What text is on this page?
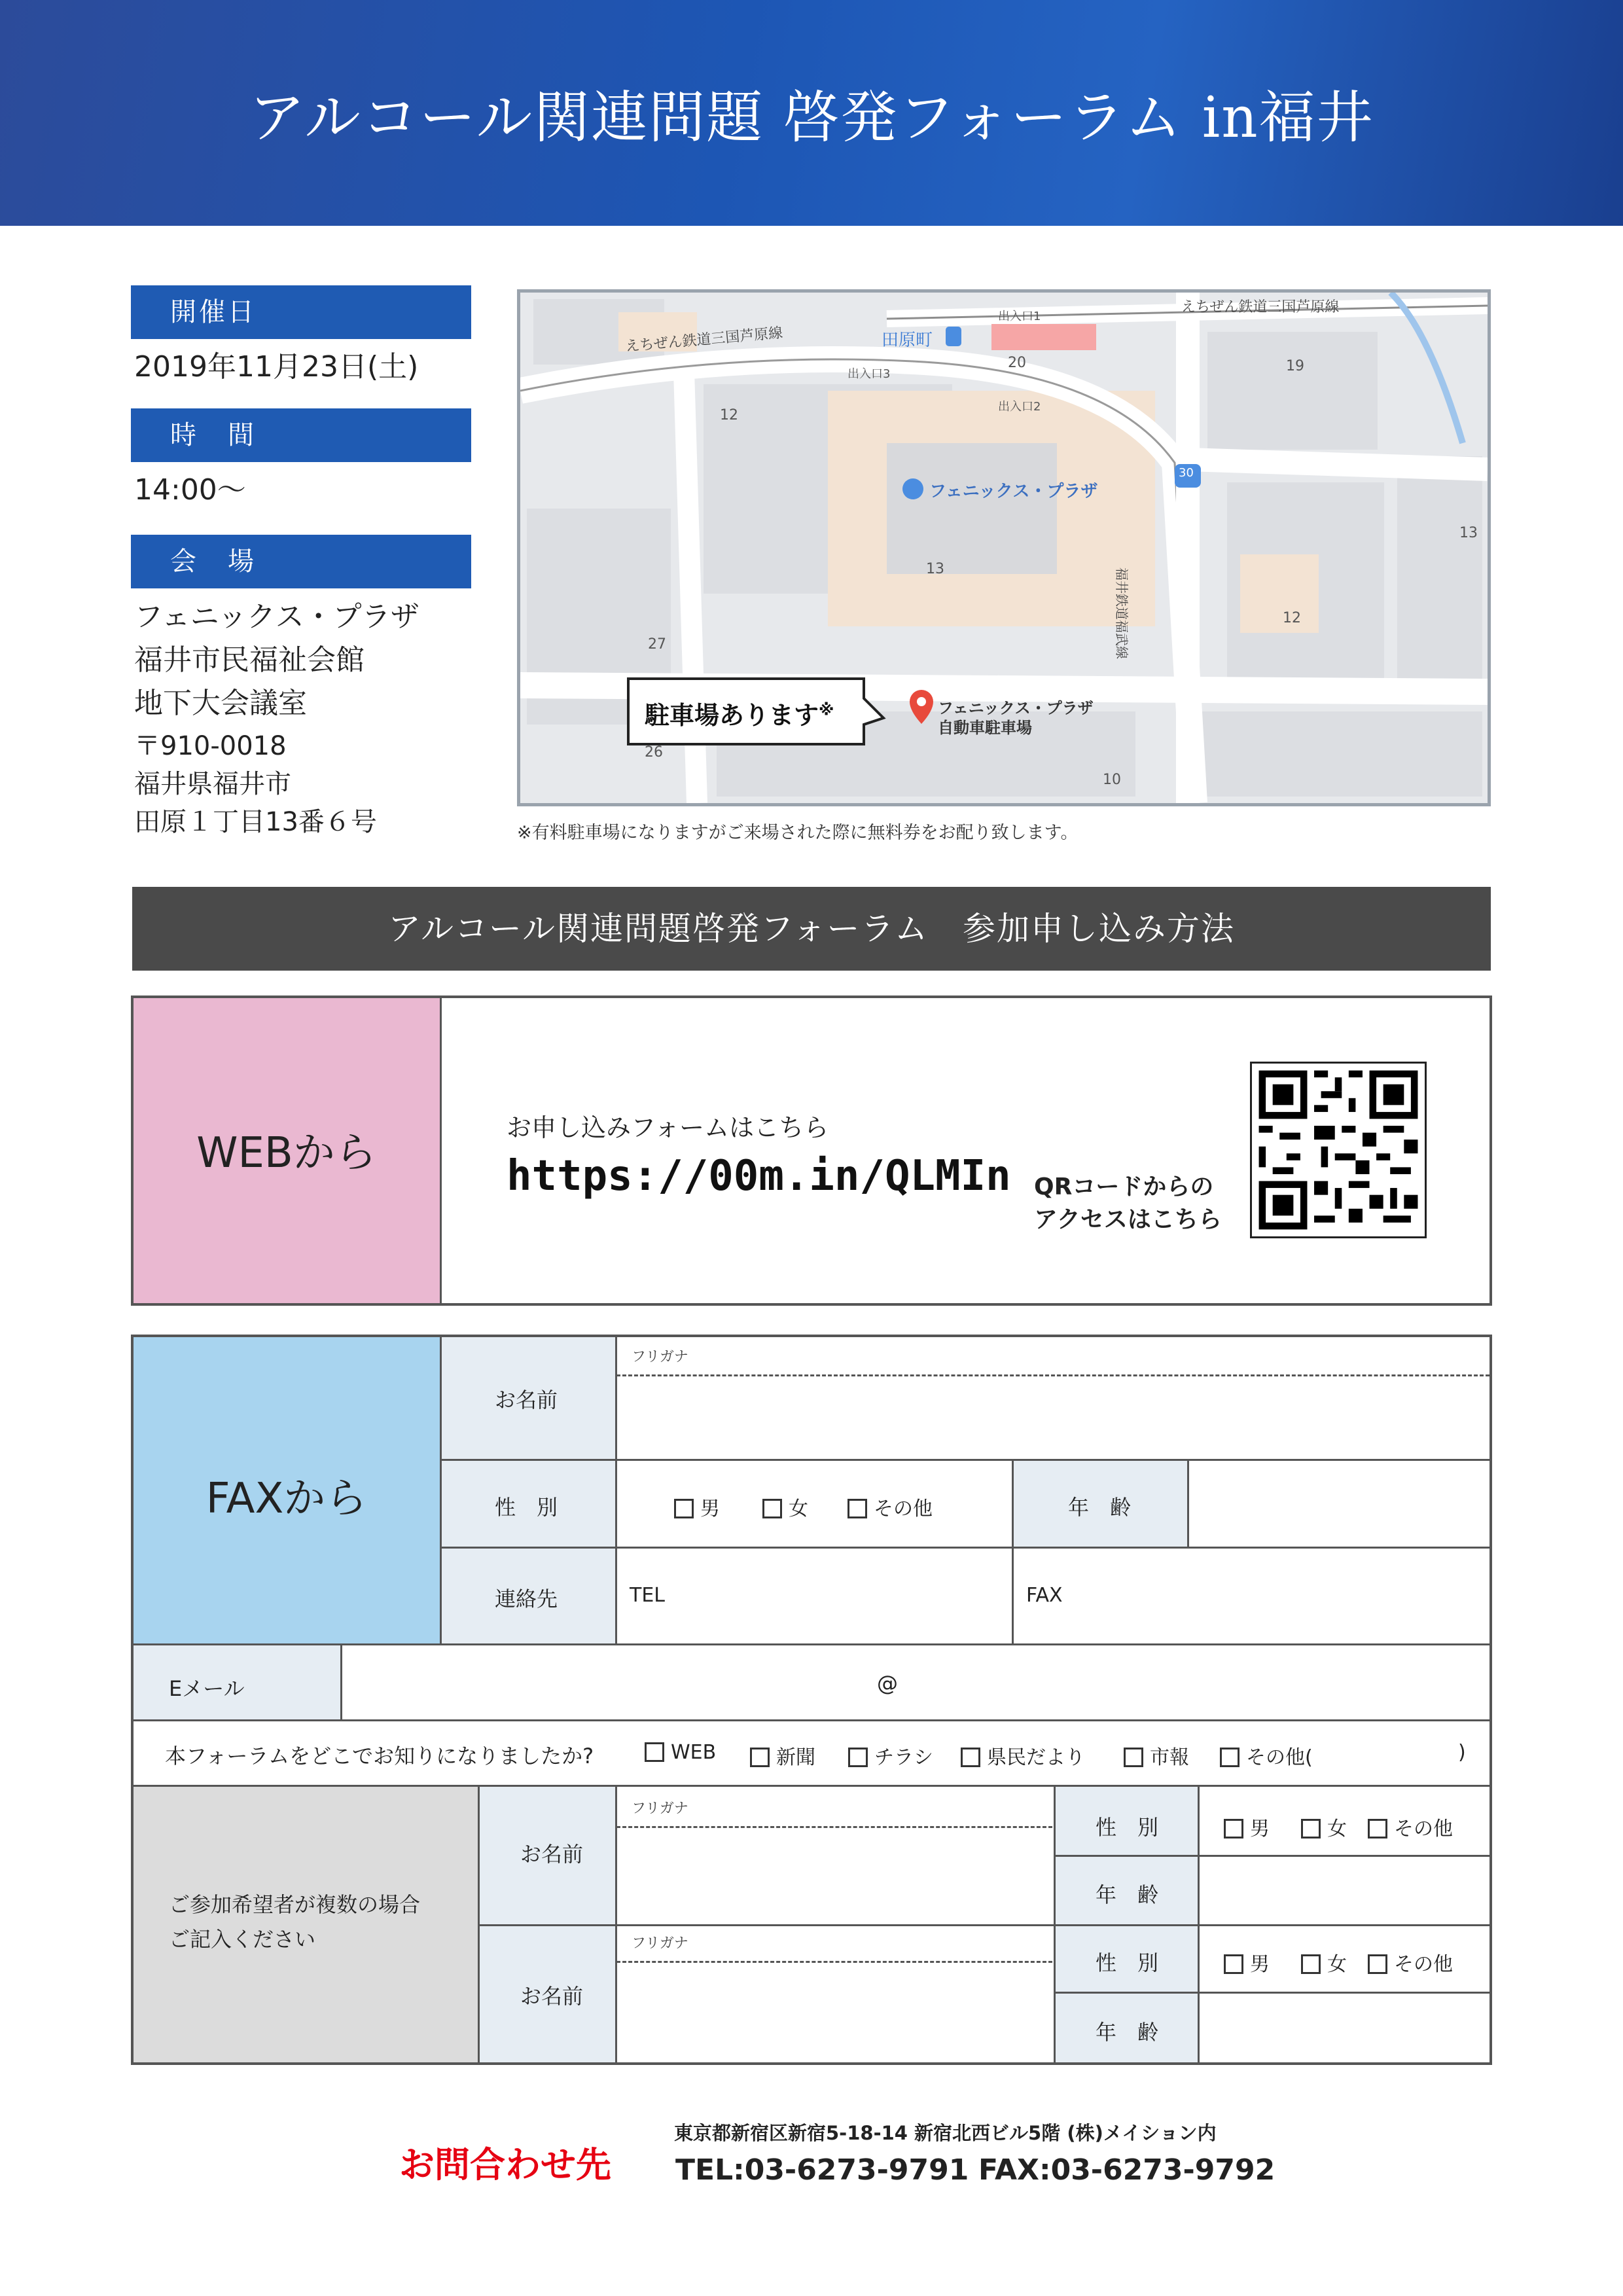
アルコール関連問題 啓発フォーラム in福井
開催日
2019年11月23日(土)
時　間
14:00～
会　場
フェニックス・プラザ
福井市民福祉会館
地下大会議室
〒910-0018
福井県福井市
田原１丁目13番６号
えちぜん鉄道三国芦原線
えちぜん鉄道三国芦原線
田原町
出入口1
出入口2
出入口3
福井鉄道福武線
30
フェニックス・プラザ
フェニックス・プラザ
自動車駐車場
駐車場あります※
12
13
20	19
13
12
27
26
10
※有料駐車場になりますがご来場された際に無料券をお配り致します。
アルコール関連問題啓発フォーラム　参加申し込み方法
WEBから
お申し込みフォームはこちら
https://00m.in/QLMIn QRコードからの
アクセスはこちら
FAXから
フリガナ
お名前
性　別	男	女	その他	年　齢
連絡先	TEL	FAX
Eメール	@
本フォーラムをどこでお知りになりましたか?	WEB	新聞	チラシ	県民だより	市報	その他(	)
ご参加希望者が複数の場合
ご記入ください
フリガナ
お名前
性　別	男	女	その他
年　齢
フリガナ
お名前
性　別	男	女	その他
年　齢
お問合わせ先
東京都新宿区新宿5-18-14 新宿北西ビル5階 (株)メイション内
TEL:03-6273-9791 FAX:03-6273-9792
